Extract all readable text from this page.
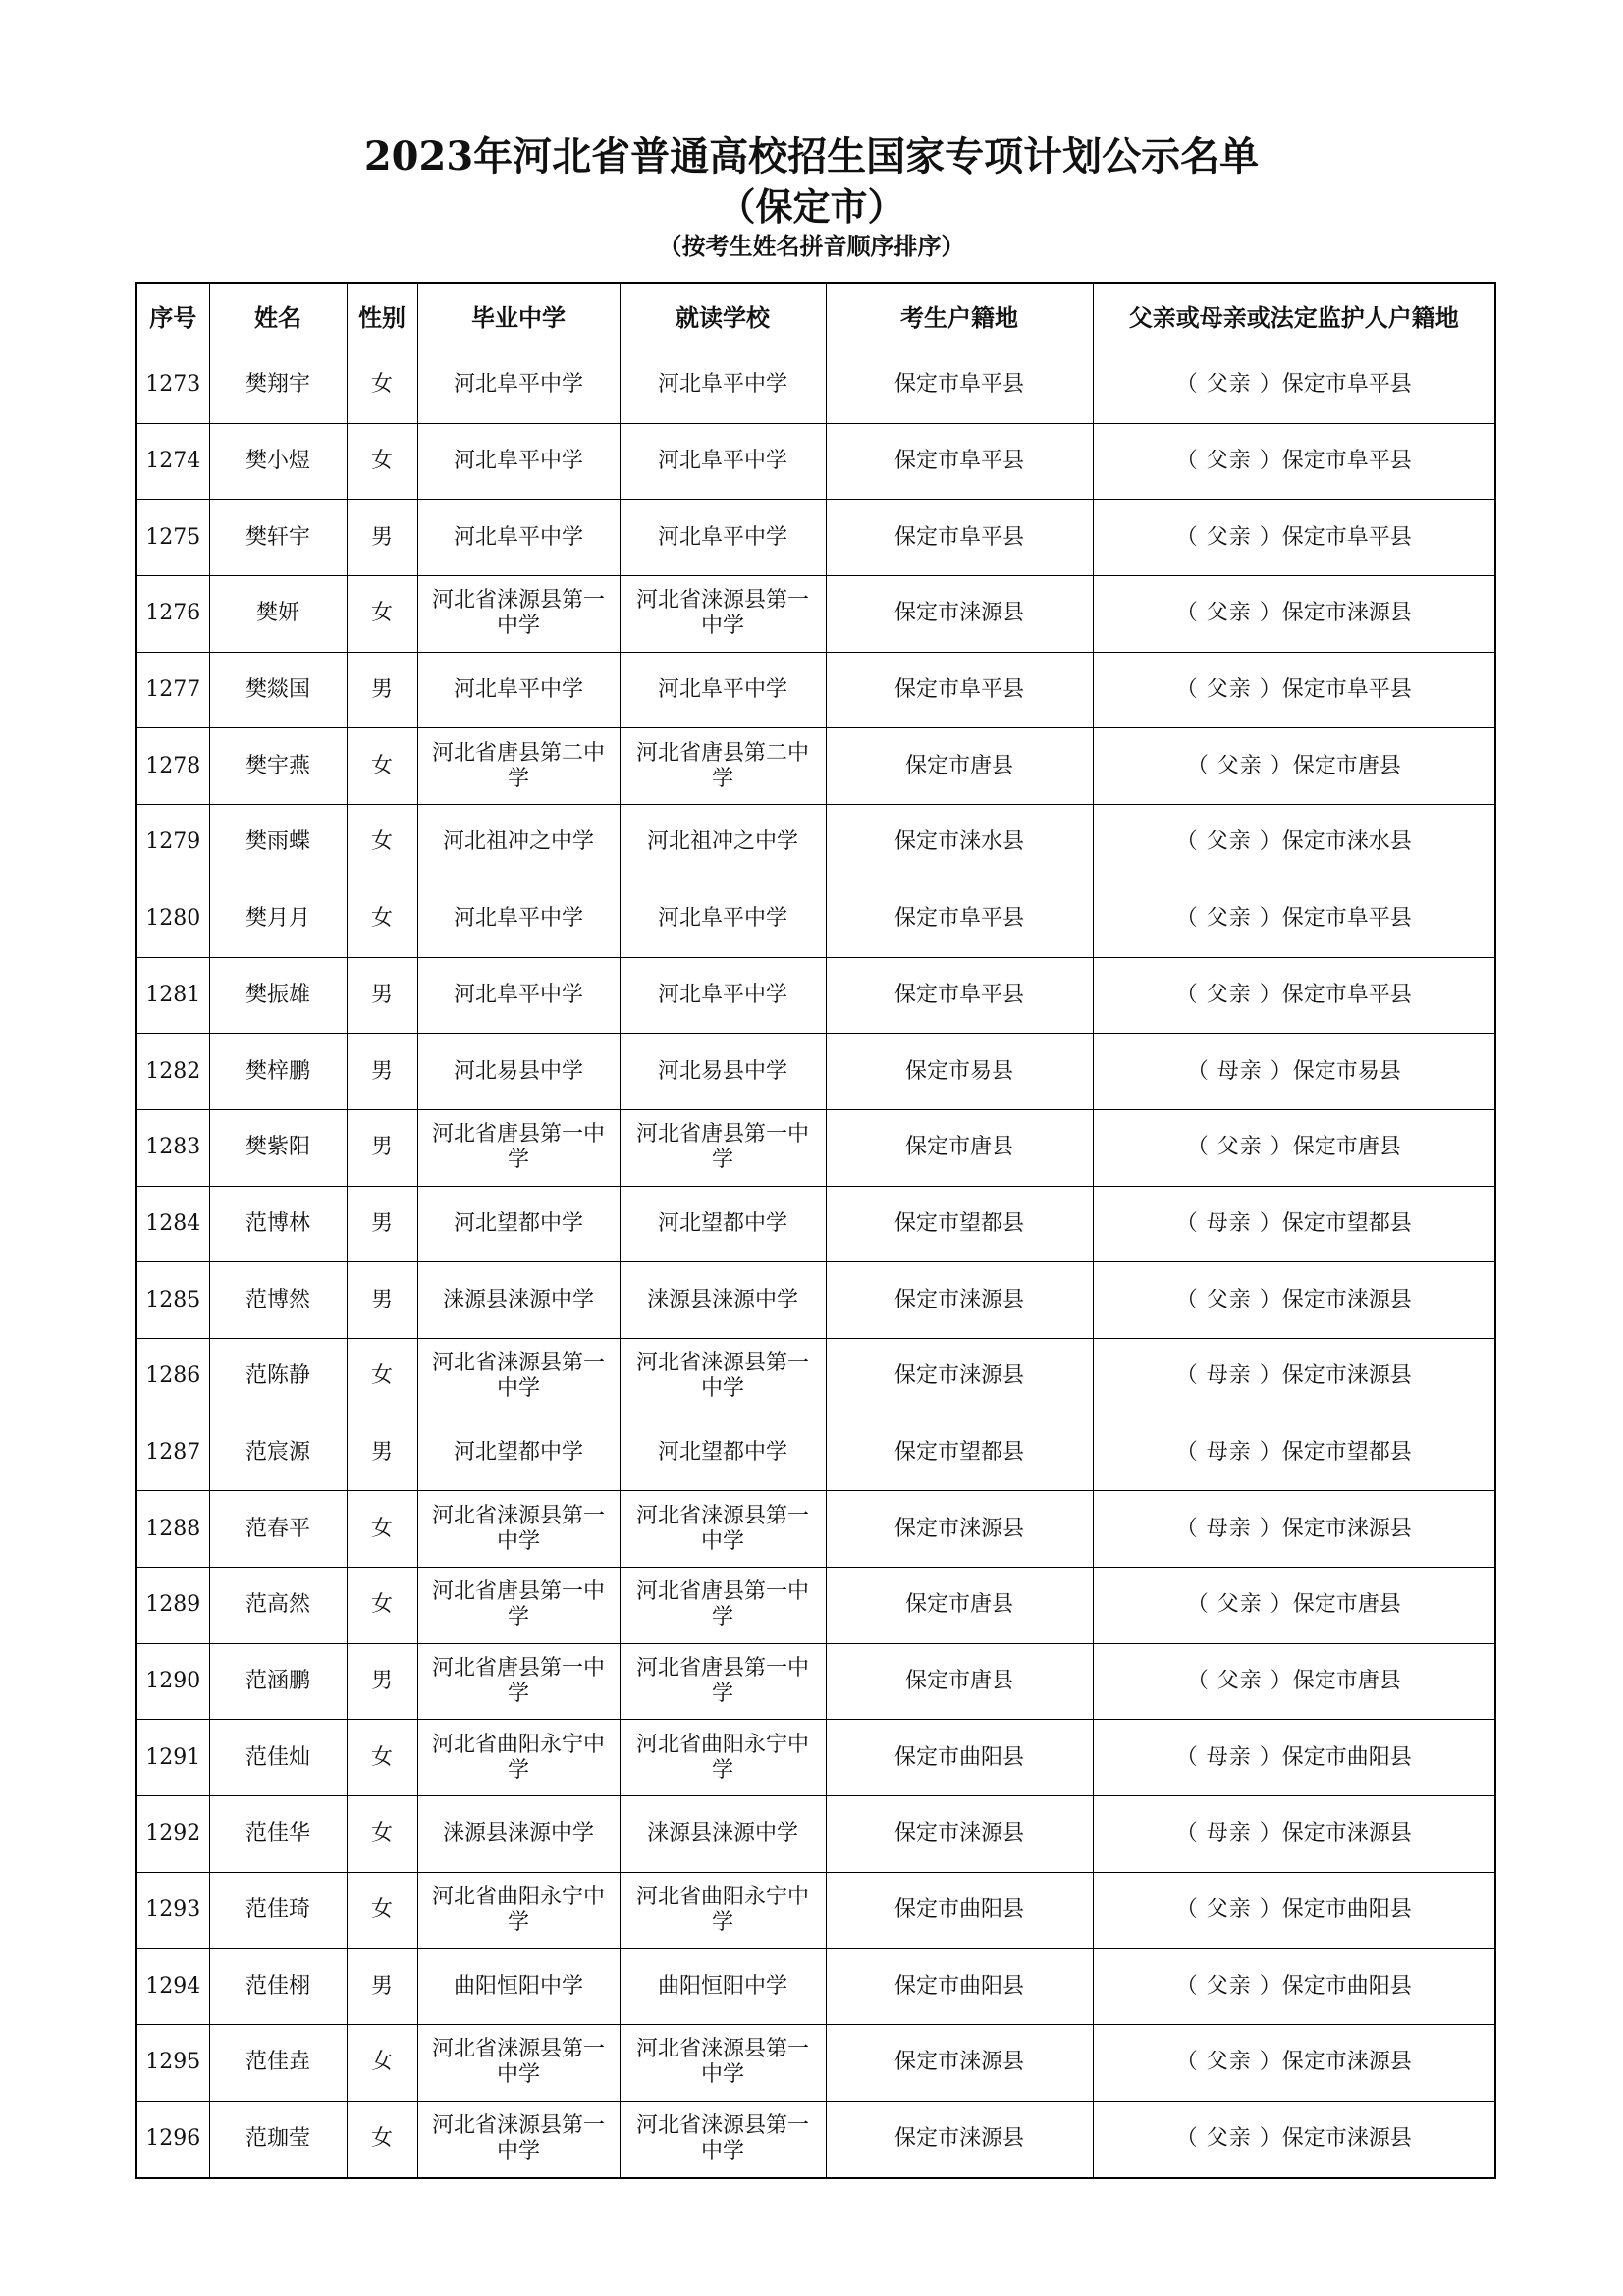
2023年河北省普通高校招生国家专项计划公示名单
（保定市）
（按考生姓名拼音顺序排序）
序号	姓名	性别	毕业中学	就读学校	考生户籍地	父亲或母亲或法定监护人户籍地
1273	樊翔宇	女	河北阜平中学	河北阜平中学	保定市阜平县	（ 父亲 ）保定市阜平县
1274	樊小煜	女	河北阜平中学	河北阜平中学	保定市阜平县	（ 父亲 ）保定市阜平县
1275	樊轩宇	男	河北阜平中学	河北阜平中学	保定市阜平县	（ 父亲 ）保定市阜平县
1276	樊妍	女	河北省涞源县第一中学	河北省涞源县第一中学	保定市涞源县	（ 父亲 ）保定市涞源县
1277	樊燚国	男	河北阜平中学	河北阜平中学	保定市阜平县	（ 父亲 ）保定市阜平县
1278	樊宇燕	女	河北省唐县第二中学	河北省唐县第二中学	保定市唐县	（ 父亲 ）保定市唐县
1279	樊雨蝶	女	河北祖冲之中学	河北祖冲之中学	保定市涞水县	（ 父亲 ）保定市涞水县
1280	樊月月	女	河北阜平中学	河北阜平中学	保定市阜平县	（ 父亲 ）保定市阜平县
1281	樊振雄	男	河北阜平中学	河北阜平中学	保定市阜平县	（ 父亲 ）保定市阜平县
1282	樊梓鹏	男	河北易县中学	河北易县中学	保定市易县	（ 母亲 ）保定市易县
1283	樊紫阳	男	河北省唐县第一中学	河北省唐县第一中学	保定市唐县	（ 父亲 ）保定市唐县
1284	范博林	男	河北望都中学	河北望都中学	保定市望都县	（ 母亲 ）保定市望都县
1285	范博然	男	涞源县涞源中学	涞源县涞源中学	保定市涞源县	（ 父亲 ）保定市涞源县
1286	范陈静	女	河北省涞源县第一中学	河北省涞源县第一中学	保定市涞源县	（ 母亲 ）保定市涞源县
1287	范宸源	男	河北望都中学	河北望都中学	保定市望都县	（ 母亲 ）保定市望都县
1288	范春平	女	河北省涞源县第一中学	河北省涞源县第一中学	保定市涞源县	（ 母亲 ）保定市涞源县
1289	范高然	女	河北省唐县第一中学	河北省唐县第一中学	保定市唐县	（ 父亲 ）保定市唐县
1290	范涵鹏	男	河北省唐县第一中学	河北省唐县第一中学	保定市唐县	（ 父亲 ）保定市唐县
1291	范佳灿	女	河北省曲阳永宁中学	河北省曲阳永宁中学	保定市曲阳县	（ 母亲 ）保定市曲阳县
1292	范佳华	女	涞源县涞源中学	涞源县涞源中学	保定市涞源县	（ 母亲 ）保定市涞源县
1293	范佳琦	女	河北省曲阳永宁中学	河北省曲阳永宁中学	保定市曲阳县	（ 父亲 ）保定市曲阳县
1294	范佳栩	男	曲阳恒阳中学	曲阳恒阳中学	保定市曲阳县	（ 父亲 ）保定市曲阳县
1295	范佳垚	女	河北省涞源县第一中学	河北省涞源县第一中学	保定市涞源县	（ 父亲 ）保定市涞源县
1296	范珈莹	女	河北省涞源县第一中学	河北省涞源县第一中学	保定市涞源县	（ 父亲 ）保定市涞源县
